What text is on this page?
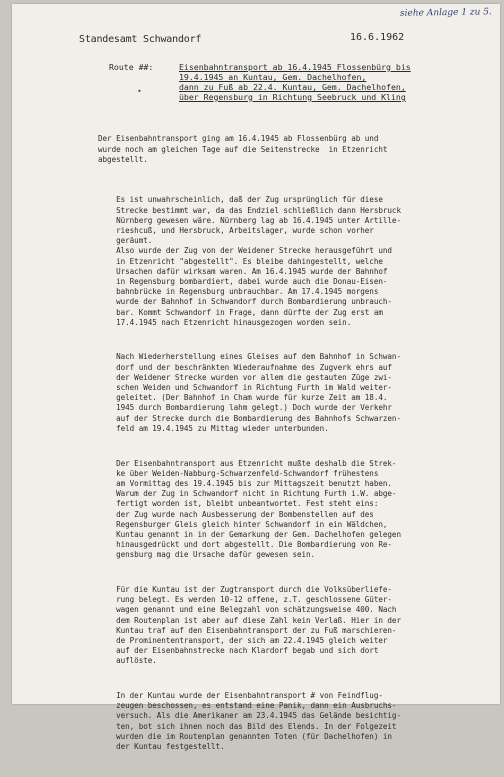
siehe Anlage 1 zu 5.
Standesamt Schwandorf	16.6.1962
Route ##:	Eisenbahntransport ab 16.4.1945 Flossenbürg bis
19.4.1945 an Kuntau, Gem. Dachelhofen,
dann zu Fuß ab 22.4. Kuntau, Gem. Dachelhofen,
über Regensburg in Richtung Seebruck und Kling
•

Der Eisenbahntransport ging am 16.4.1945 ab Flossenbürg ab und
wurde noch am gleichen Tage auf die Seitenstrecke  in Etzenricht
abgestellt.

Es ist unwahrscheinlich, daß der Zug ursprünglich für diese
Strecke bestimmt war, da das Endziel schließlich dann Hersbruck
Nürnberg gewesen wäre. Nürnberg lag ab 16.4.1945 unter Artille-
rieshcuß, und Hersbruck, Arbeitslager, wurde schon vorher
geräumt.
Also wurde der Zug von der Weidener Strecke herausgeführt und
in Etzenricht "abgestellt". Es bleibe dahingestellt, welche
Ursachen dafür wirksam waren. Am 16.4.1945 wurde der Bahnhof
in Regensburg bombardiert, dabei wurde auch die Donau-Eisen-
bahnbrücke in Regensburg unbrauchbar. Am 17.4.1945 morgens
wurde der Bahnhof in Schwandorf durch Bombardierung unbrauch-
bar. Kommt Schwandorf in Frage, dann dürfte der Zug erst am
17.4.1945 nach Etzenricht hinausgezogen worden sein.

Nach Wiederherstellung eines Gleises auf dem Bahnhof in Schwan-
dorf und der beschränkten Wiederaufnahme des Zugverk ehrs auf
der Weidener Strecke wurden vor allem die gestauten Züge zwi-
schen Weiden und Schwandorf in Richtung Furth im Wald weiter-
geleitet. (Der Bahnhof in Cham wurde für kurze Zeit am 18.4.
1945 durch Bombardierung lahm gelegt.) Doch wurde der Verkehr
auf der Strecke durch die Bombardierung des Bahnhofs Schwarzen-
feld am 19.4.1945 zu Mittag wieder unterbunden.

Der Eisenbahntransport aus Etzenricht mußte deshalb die Strek-
ke über Weiden-Nabburg-Schwarzenfeld-Schwandorf frühestens
am Vormittag des 19.4.1945 bis zur Mittagszeit benutzt haben.
Warum der Zug in Schwandorf nicht in Richtung Furth i.W. abge-
fertigt worden ist, bleibt unbeantwortet. Fest steht eins:
der Zug wurde nach Ausbesserung der Bombenstellen auf des
Regensburger Gleis gleich hinter Schwandorf in ein Wäldchen,
Kuntau genannt in in der Gemarkung der Gem. Dachelhofen gelegen
hinausgedrückt und dort abgestellt. Die Bombardierung von Re-
gensburg mag die Ursache dafür gewesen sein.

Für die Kuntau ist der Zugtransport durch die Volksüberliefe-
rung belegt. Es werden 10-12 offene, z.T. geschlossene Güter-
wagen genannt und eine Belegzahl von schätzungsweise 400. Nach
dem Routenplan ist aber auf diese Zahl kein Verlaß. Hier in der
Kuntau traf auf den Eisenbahntransport der zu Fuß marschieren-
de Prominententransport, der sich am 22.4.1945 gleich weiter
auf der Eisenbahnstrecke nach Klardorf begab und sich dort
auflöste.

In der Kuntau wurde der Eisenbahntransport # von Feindflug-
zeugen beschossen, es entstand eine Panik, dann ein Ausbruchs-
versuch. Als die Amerikaner am 23.4.1945 das Gelände besichtig-
ten, bot sich ihnen noch das Bild des Elends. In der Folgezeit
wurden die im Routenplan genannten Toten (für Dachelhofen) in
der Kuntau festgestellt.
